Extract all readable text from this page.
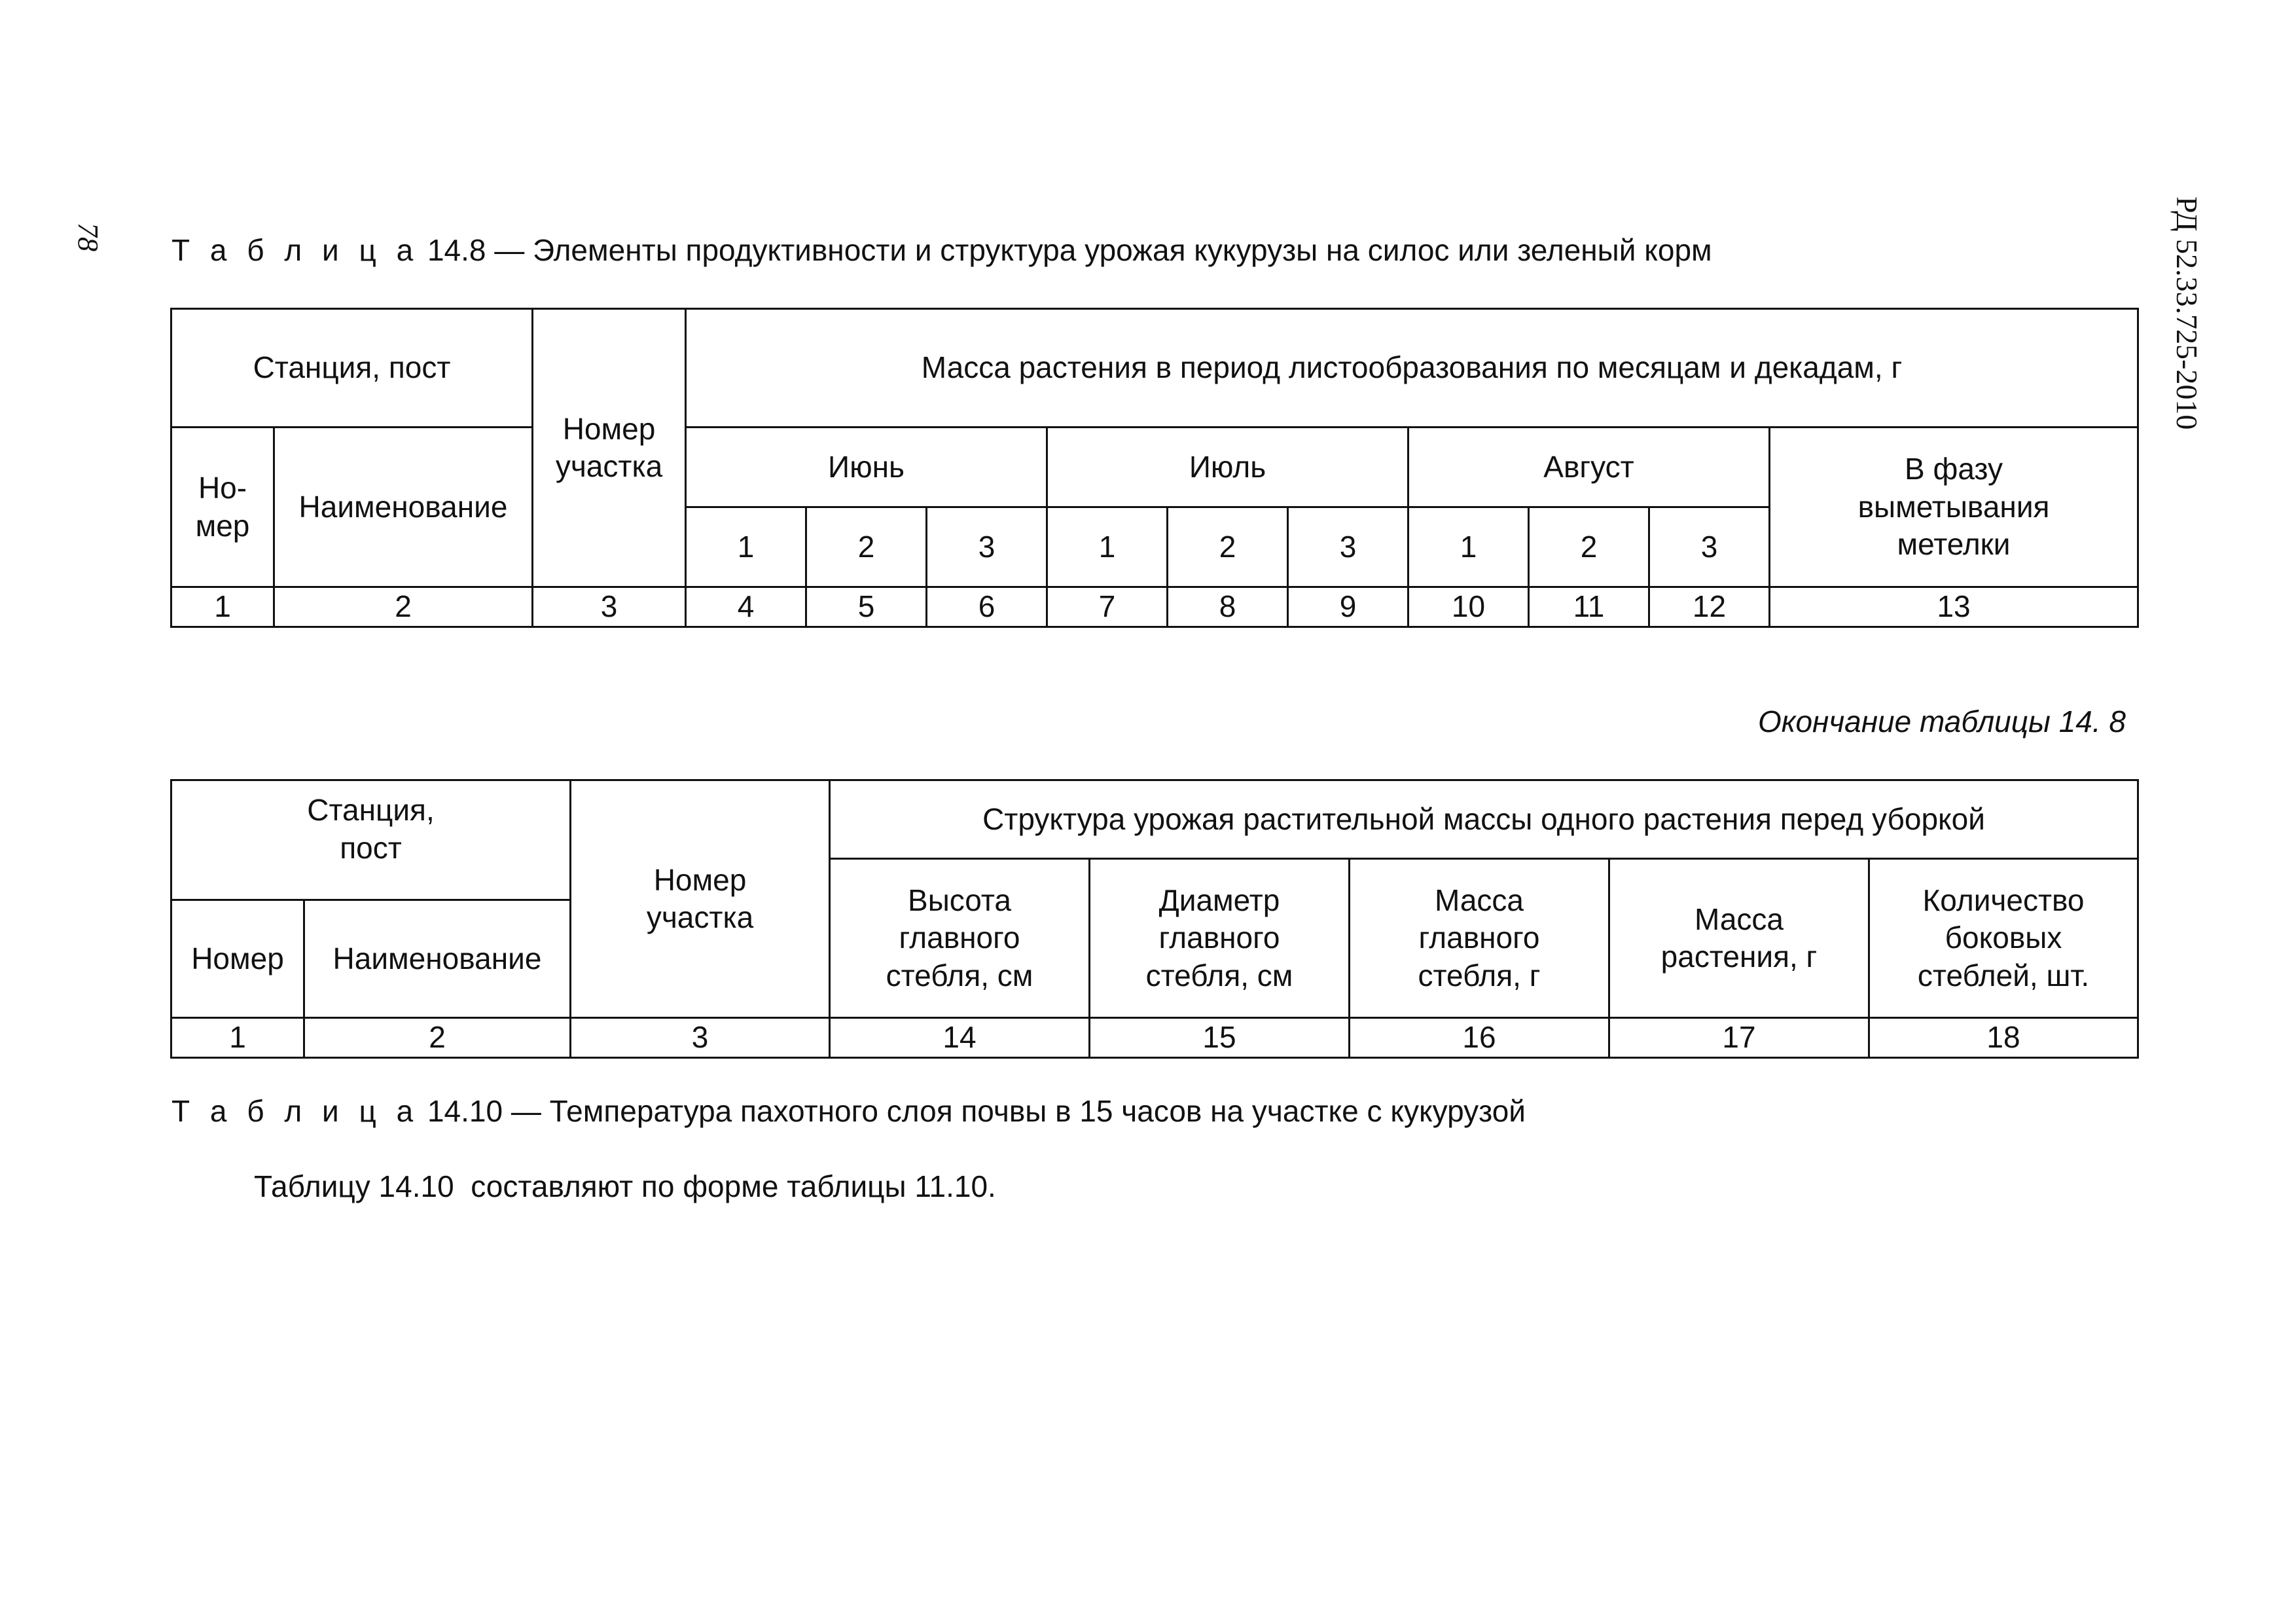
78	РД 52.33.725-2010
Т а б л и ц а 14.8 — Элементы продуктивности и структура урожая кукурузы на силос или зеленый корм
Станция, пост		Номер участка	Масса растения в период листообразования по месяцам и декадам, г									
Но-мер	Наименование		Июнь			Июль			Август			В фазу выметывания метелки
			1	2	3	1	2	3	1	2	3	
1	2	3	4	5	6	7	8	9	10	11	12	13
Окончание таблицы 14. 8
Станция, пост		Номер участка	Структура урожая растительной массы одного растения перед уборкой				
			Высота главного стебля, см	Диаметр главного стебля, см	Масса главного стебля, г	Масса растения, г	Количество боковых стеблей, шт.
Номер	Наименование						
1	2	3	14	15	16	17	18
Т а б л и ц а 14.10 — Температура пахотного слоя почвы в 15 часов на участке с кукурузой
Таблицу 14.10  составляют по форме таблицы 11.10.
